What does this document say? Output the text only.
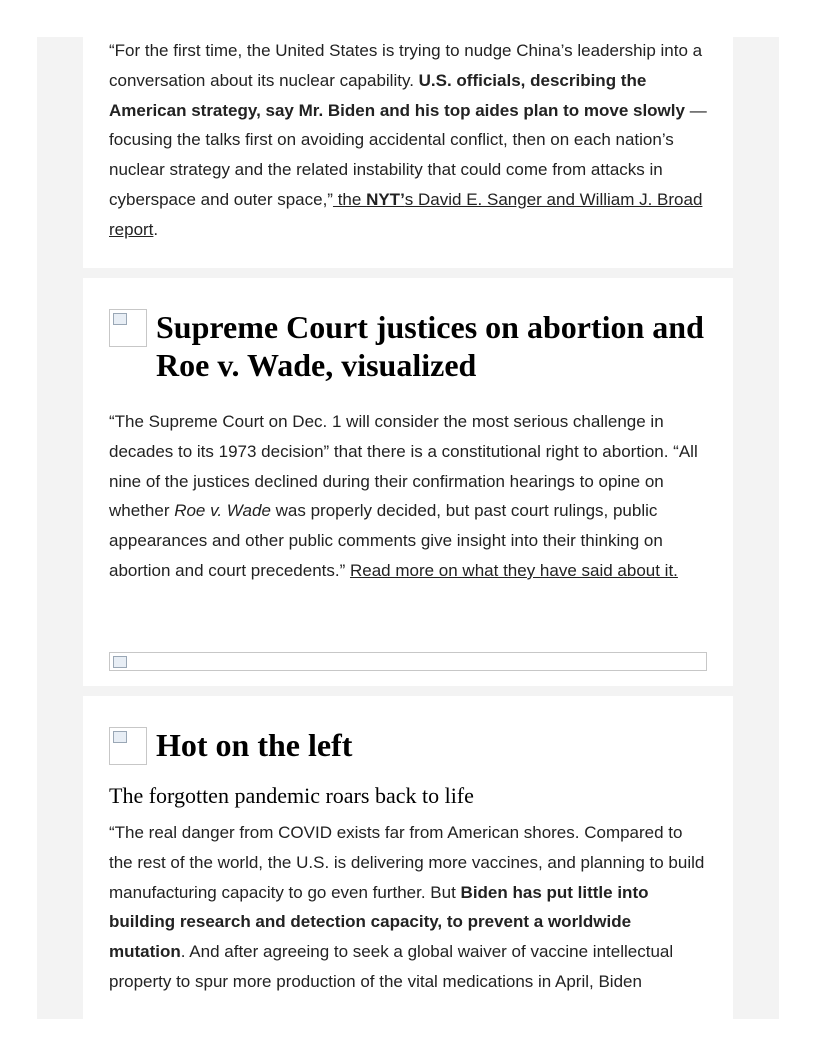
“For the first time, the United States is trying to nudge China’s leadership into a conversation about its nuclear capability. U.S. officials, describing the American strategy, say Mr. Biden and his top aides plan to move slowly — focusing the talks first on avoiding accidental conflict, then on each nation’s nuclear strategy and the related instability that could come from attacks in cyberspace and outer space,” the NYT’s David E. Sanger and William J. Broad report.

Supreme Court justices on abortion and Roe v. Wade, visualized

“The Supreme Court on Dec. 1 will consider the most serious challenge in decades to its 1973 decision” that there is a constitutional right to abortion. “All nine of the justices declined during their confirmation hearings to opine on whether Roe v. Wade was properly decided, but past court rulings, public appearances and other public comments give insight into their thinking on abortion and court precedents.” Read more on what they have said about it.

Hot on the left
The forgotten pandemic roars back to life

“The real danger from COVID exists far from American shores. Compared to the rest of the world, the U.S. is delivering more vaccines, and planning to build manufacturing capacity to go even further. But Biden has put little into building research and detection capacity, to prevent a worldwide mutation. And after agreeing to seek a global waiver of vaccine intellectual property to spur more production of the vital medications in April, Biden
